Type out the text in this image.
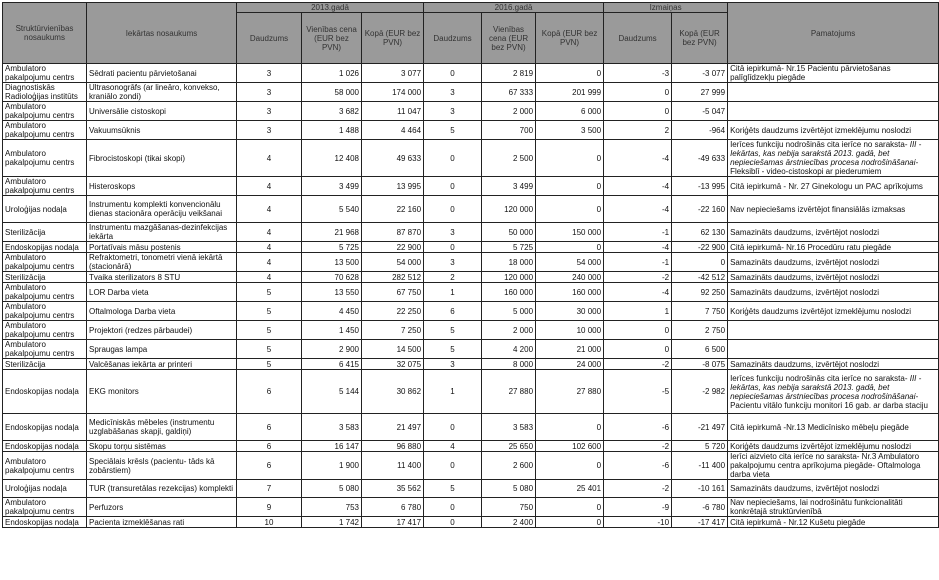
Struktūrvienības nosaukums	Iekārtas nosaukums	2013.gadā			2016.gadā			Izmaiņas		Pamatojums
		Daudzums	Vienības cena (EUR bez PVN)	Kopā (EUR bez PVN)	Daudzums	Vienības cena (EUR bez PVN)	Kopā (EUR bez PVN)	Daudzums	Kopā (EUR bez PVN)	
Ambulatoro pakalpojumu centrs	Sēdrati pacientu pārvietošanai	3	1 026	3 077	0	2 819	0	-3	-3 077	Citā iepirkumā- Nr.15 Pacientu pārvietošanas palīglīdzekļu piegāde
Diagnostiskās Radioloģijas institūts	Ultrasonogrāfs (ar lineāro, konvekso, kraniālo zondi)	3	58 000	174 000	3	67 333	201 999	0	27 999	
Ambulatoro pakalpojumu centrs	Universālie cistoskopi	3	3 682	11 047	3	2 000	6 000	0	-5 047	
Ambulatoro pakalpojumu centrs	Vakuumsūknis	3	1 488	4 464	5	700	3 500	2	-964	Koriģēts daudzums izvērtējot izmeklējumu noslodzi
Ambulatoro pakalpojumu centrs	Fibrocistoskopi (tikai skopi)	4	12 408	49 633	0	2 500	0	-4	-49 633	Ierīces funkciju nodrošinās cita ierīce no saraksta- III - Iekārtas, kas nebija sarakstā 2013. gadā, bet nepieciešamas ārstniecības procesa nodrošināšanai- Fleksiblī - video-cistoskopi ar piederumiem
Ambulatoro pakalpojumu centrs	Histeroskops	4	3 499	13 995	0	3 499	0	-4	-13 995	Citā iepirkumā - Nr. 27 Ginekologu un PAC aprīkojums
Uroloģijas nodaļa	Instrumentu komplekti konvencionālu dienas stacionāra operāciju veikšanai	4	5 540	22 160	0	120 000	0	-4	-22 160	Nav nepieciešams izvērtējot finansiālās izmaksas
Sterilizācija	Instrumentu mazgāšanas-dezinfekcijas iekārta	4	21 968	87 870	3	50 000	150 000	-1	62 130	Samazināts daudzums, izvērtējot noslodzi
Endoskopijas nodaļa	Portatīvais māsu postenis	4	5 725	22 900	0	5 725	0	-4	-22 900	Citā iepirkumā- Nr.16 Procedūru ratu piegāde
Ambulatoro pakalpojumu centrs	Refraktometri, tonometri vienā iekārtā (stacionārā)	4	13 500	54 000	3	18 000	54 000	-1	0	Samazināts daudzums, izvērtējot noslodzi
Sterilizācija	Tvaika sterilizators 8 STU	4	70 628	282 512	2	120 000	240 000	-2	-42 512	Samazināts daudzums, izvērtējot noslodzi
Ambulatoro pakalpojumu centrs	LOR Darba vieta	5	13 550	67 750	1	160 000	160 000	-4	92 250	Samazināts daudzums, izvērtējot noslodzi
Ambulatoro pakalpojumu centrs	Oftalmologa Darba vieta	5	4 450	22 250	6	5 000	30 000	1	7 750	Koriģēts daudzums izvērtējot izmeklējumu noslodzi
Ambulatoro pakalpojumu centrs	Projektori (redzes pārbaudei)	5	1 450	7 250	5	2 000	10 000	0	2 750	
Ambulatoro pakalpojumu centrs	Spraugas lampa	5	2 900	14 500	5	4 200	21 000	0	6 500	
Sterilizācija	Valcēšanas iekārta ar printeri	5	6 415	32 075	3	8 000	24 000	-2	-8 075	Samazināts daudzums, izvērtējot noslodzi
Endoskopijas nodaļa	EKG monitors	6	5 144	30 862	1	27 880	27 880	-5	-2 982	Ierīces funkciju nodrošinās cita ierīce no saraksta- III - Iekārtas, kas nebija sarakstā 2013. gadā, bet nepieciešamas ārstniecības procesa nodrošināšanai- Pacientu vitālo funkciju monitori 16 gab. ar darba staciju
Endoskopijas nodaļa	Medicīniskās mēbeles (instrumentu uzglabāšanas skapji, galdiņi)	6	3 583	21 497	0	3 583	0	-6	-21 497	Citā iepirkumā -Nr.13 Medicīnisko mēbeļu piegāde
Endoskopijas nodaļa	Skopu torņu sistēmas	6	16 147	96 880	4	25 650	102 600	-2	5 720	Koriģēts daudzums izvērtējot izmeklējumu noslodzi
Ambulatoro pakalpojumu centrs	Speciālais krēsls (pacientu- tāds kā zobārstiem)	6	1 900	11 400	0	2 600	0	-6	-11 400	Ierīci aizvieto cita ierīce no saraksta- Nr.3 Ambulatoro pakalpojumu centra aprīkojuma piegāde- Oftalmologa darba vieta
Uroloģijas nodaļa	TUR (transuretālas rezekcijas) komplekti	7	5 080	35 562	5	5 080	25 401	-2	-10 161	Samazināts daudzums, izvērtējot noslodzi
Ambulatoro pakalpojumu centrs	Perfuzors	9	753	6 780	0	750	0	-9	-6 780	Nav nepieciešams, lai nodrošinātu funkcionalitāti konkrētajā struktūrvienībā
Endoskopijas nodaļa	Pacienta izmeklēšanas rati	10	1 742	17 417	0	2 400	0	-10	-17 417	Citā iepirkumā - Nr.12 Kušetu piegāde
